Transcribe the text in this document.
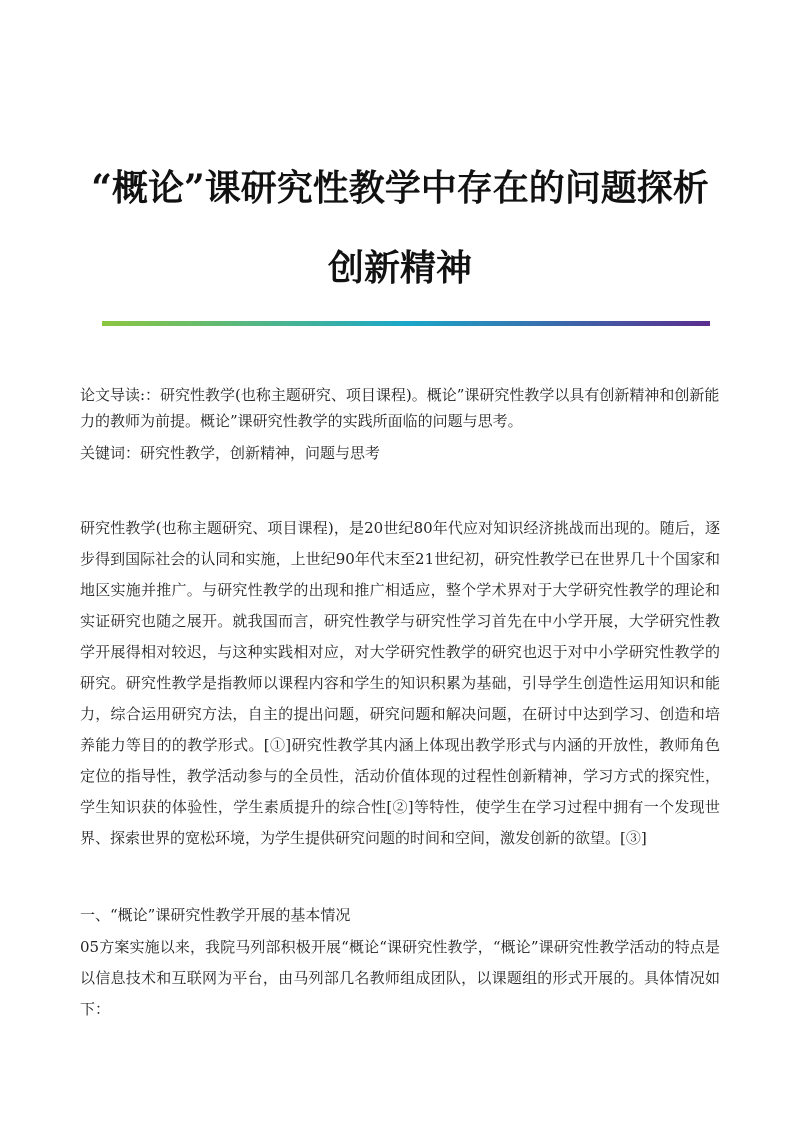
“概论”课研究性教学中存在的问题探析
创新精神
论文导读:：研究性教学(也称主题研究、项目课程)。概论”课研究性教学以具有创新精神和创新能力的教师为前提。概论”课研究性教学的实践所面临的问题与思考。
关键词：研究性教学，创新精神，问题与思考
研究性教学(也称主题研究、项目课程)，是20世纪80年代应对知识经济挑战而出现的。随后，逐步得到国际社会的认同和实施，上世纪90年代末至21世纪初，研究性教学已在世界几十个国家和地区实施并推广。与研究性教学的出现和推广相适应，整个学术界对于大学研究性教学的理论和实证研究也随之展开。就我国而言，研究性教学与研究性学习首先在中小学开展，大学研究性教学开展得相对较迟，与这种实践相对应，对大学研究性教学的研究也迟于对中小学研究性教学的研究。研究性教学是指教师以课程内容和学生的知识积累为基础，引导学生创造性运用知识和能力，综合运用研究方法，自主的提出问题，研究问题和解决问题，在研讨中达到学习、创造和培养能力等目的的教学形式。[①]研究性教学其内涵上体现出教学形式与内涵的开放性，教师角色定位的指导性，教学活动参与的全员性，活动价值体现的过程性创新精神，学习方式的探究性，学生知识获的体验性，学生素质提升的综合性[②]等特性，使学生在学习过程中拥有一个发现世界、探索世界的宽松环境，为学生提供研究问题的时间和空间，激发创新的欲望。[③]
一、“概论”课研究性教学开展的基本情况
05方案实施以来，我院马列部积极开展“概论“课研究性教学，“概论”课研究性教学活动的特点是以信息技术和互联网为平台，由马列部几名教师组成团队，以课题组的形式开展的。具体情况如下：
